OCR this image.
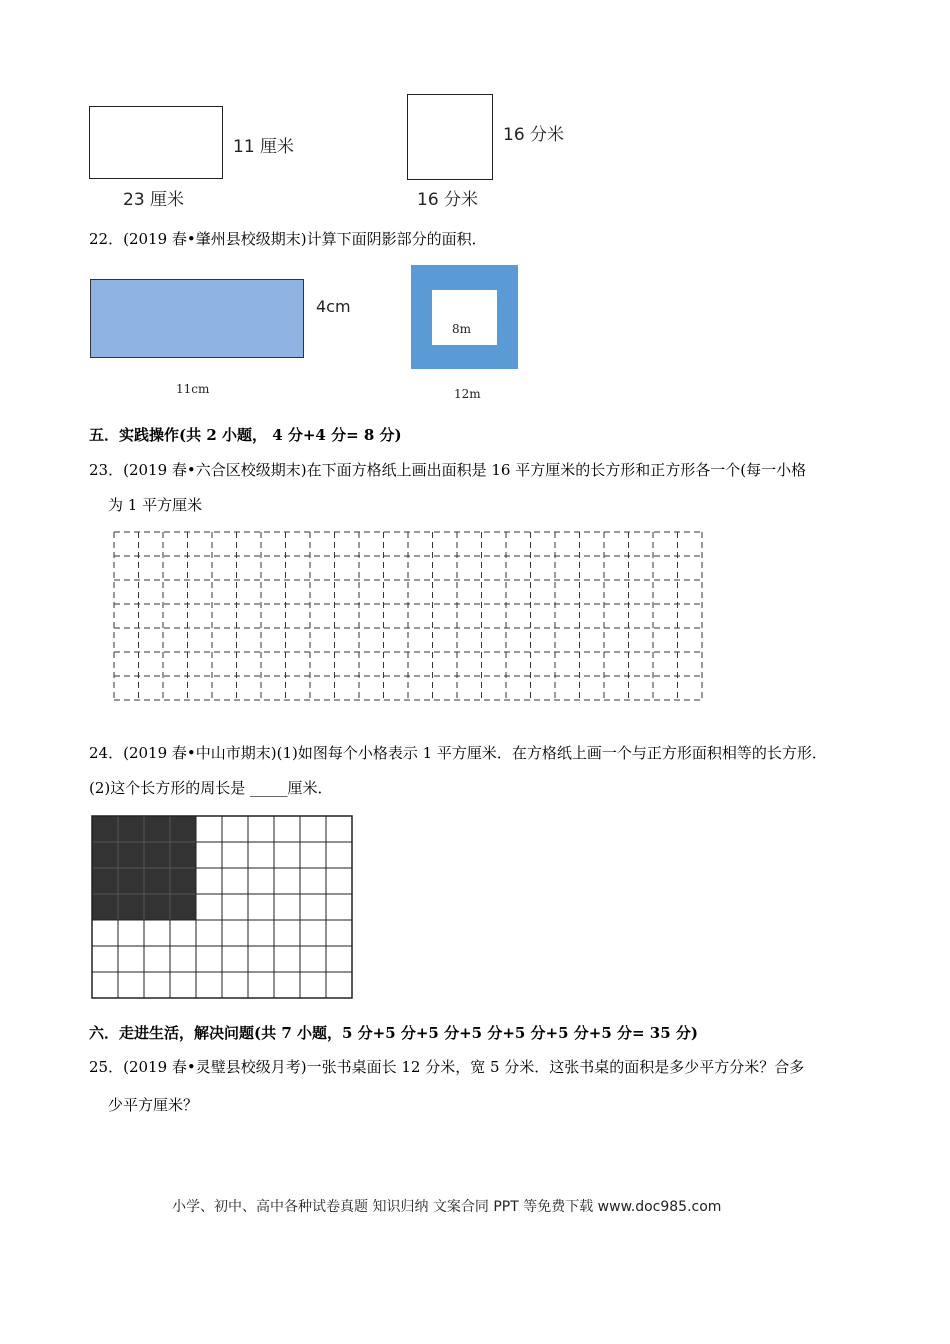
11 厘米
23 厘米
16 分米
16 分米
22．(2019 春•肇州县校级期末)计算下面阴影部分的面积．
4cm
11cm
8m
12m
五．实践操作(共 2 小题， 4 分+4 分= 8 分)
23．(2019 春•六合区校级期末)在下面方格纸上画出面积是 16 平方厘米的长方形和正方形各一个(每一小格
为 1 平方厘米
24．(2019 春•中山市期末)(1)如图每个小格表示 1 平方厘米．在方格纸上画一个与正方形面积相等的长方形．
(2)这个长方形的周长是 _____厘米．
六．走进生活，解决问题(共 7 小题，5 分+5 分+5 分+5 分+5 分+5 分+5 分= 35 分)
25．(2019 春•灵璧县校级月考)一张书桌面长 12 分米，宽 5 分米．这张书桌的面积是多少平方分米？合多
少平方厘米？
小学、初中、高中各种试卷真题 知识归纳 文案合同 PPT 等免费下载 www.doc985.com
